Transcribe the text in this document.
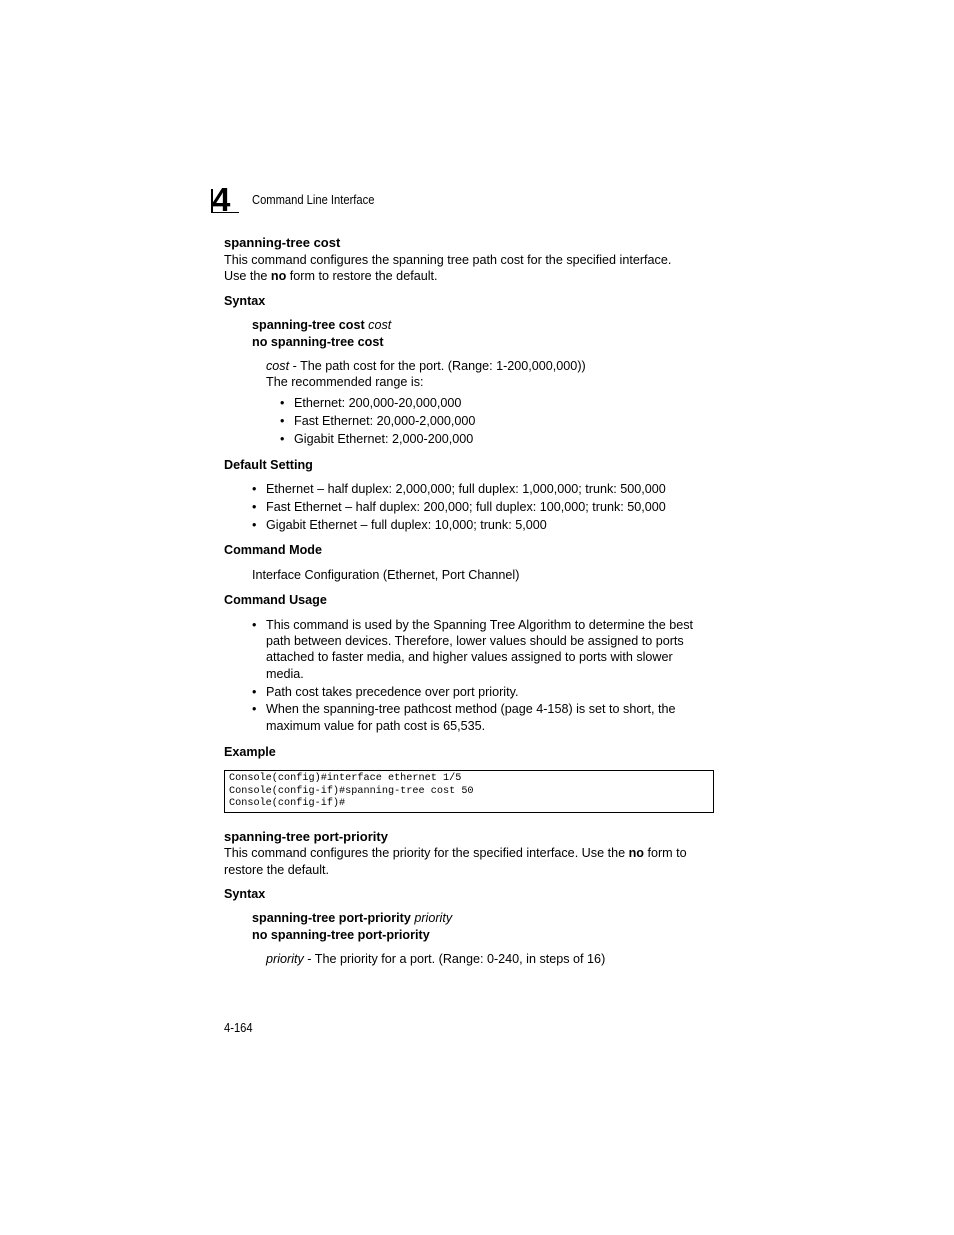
4	Command Line Interface
spanning-tree cost
This command configures the spanning tree path cost for the specified interface.
Use the no form to restore the default.
Syntax
spanning-tree cost cost
no spanning-tree cost
cost - The path cost for the port. (Range: 1-200,000,000))
The recommended range is:
• Ethernet: 200,000-20,000,000
• Fast Ethernet: 20,000-2,000,000
• Gigabit Ethernet: 2,000-200,000
Default Setting
• Ethernet – half duplex: 2,000,000; full duplex: 1,000,000; trunk: 500,000
• Fast Ethernet – half duplex: 200,000; full duplex: 100,000; trunk: 50,000
• Gigabit Ethernet – full duplex: 10,000; trunk: 5,000
Command Mode
Interface Configuration (Ethernet, Port Channel)
Command Usage
• This command is used by the Spanning Tree Algorithm to determine the best
path between devices. Therefore, lower values should be assigned to ports
attached to faster media, and higher values assigned to ports with slower
media.
• Path cost takes precedence over port priority.
• When the spanning-tree pathcost method (page 4-158) is set to short, the
maximum value for path cost is 65,535.
Example
Console(config)#interface ethernet 1/5
Console(config-if)#spanning-tree cost 50
Console(config-if)#
spanning-tree port-priority
This command configures the priority for the specified interface. Use the no form to
restore the default.
Syntax
spanning-tree port-priority priority
no spanning-tree port-priority
priority - The priority for a port. (Range: 0-240, in steps of 16)
4-164
